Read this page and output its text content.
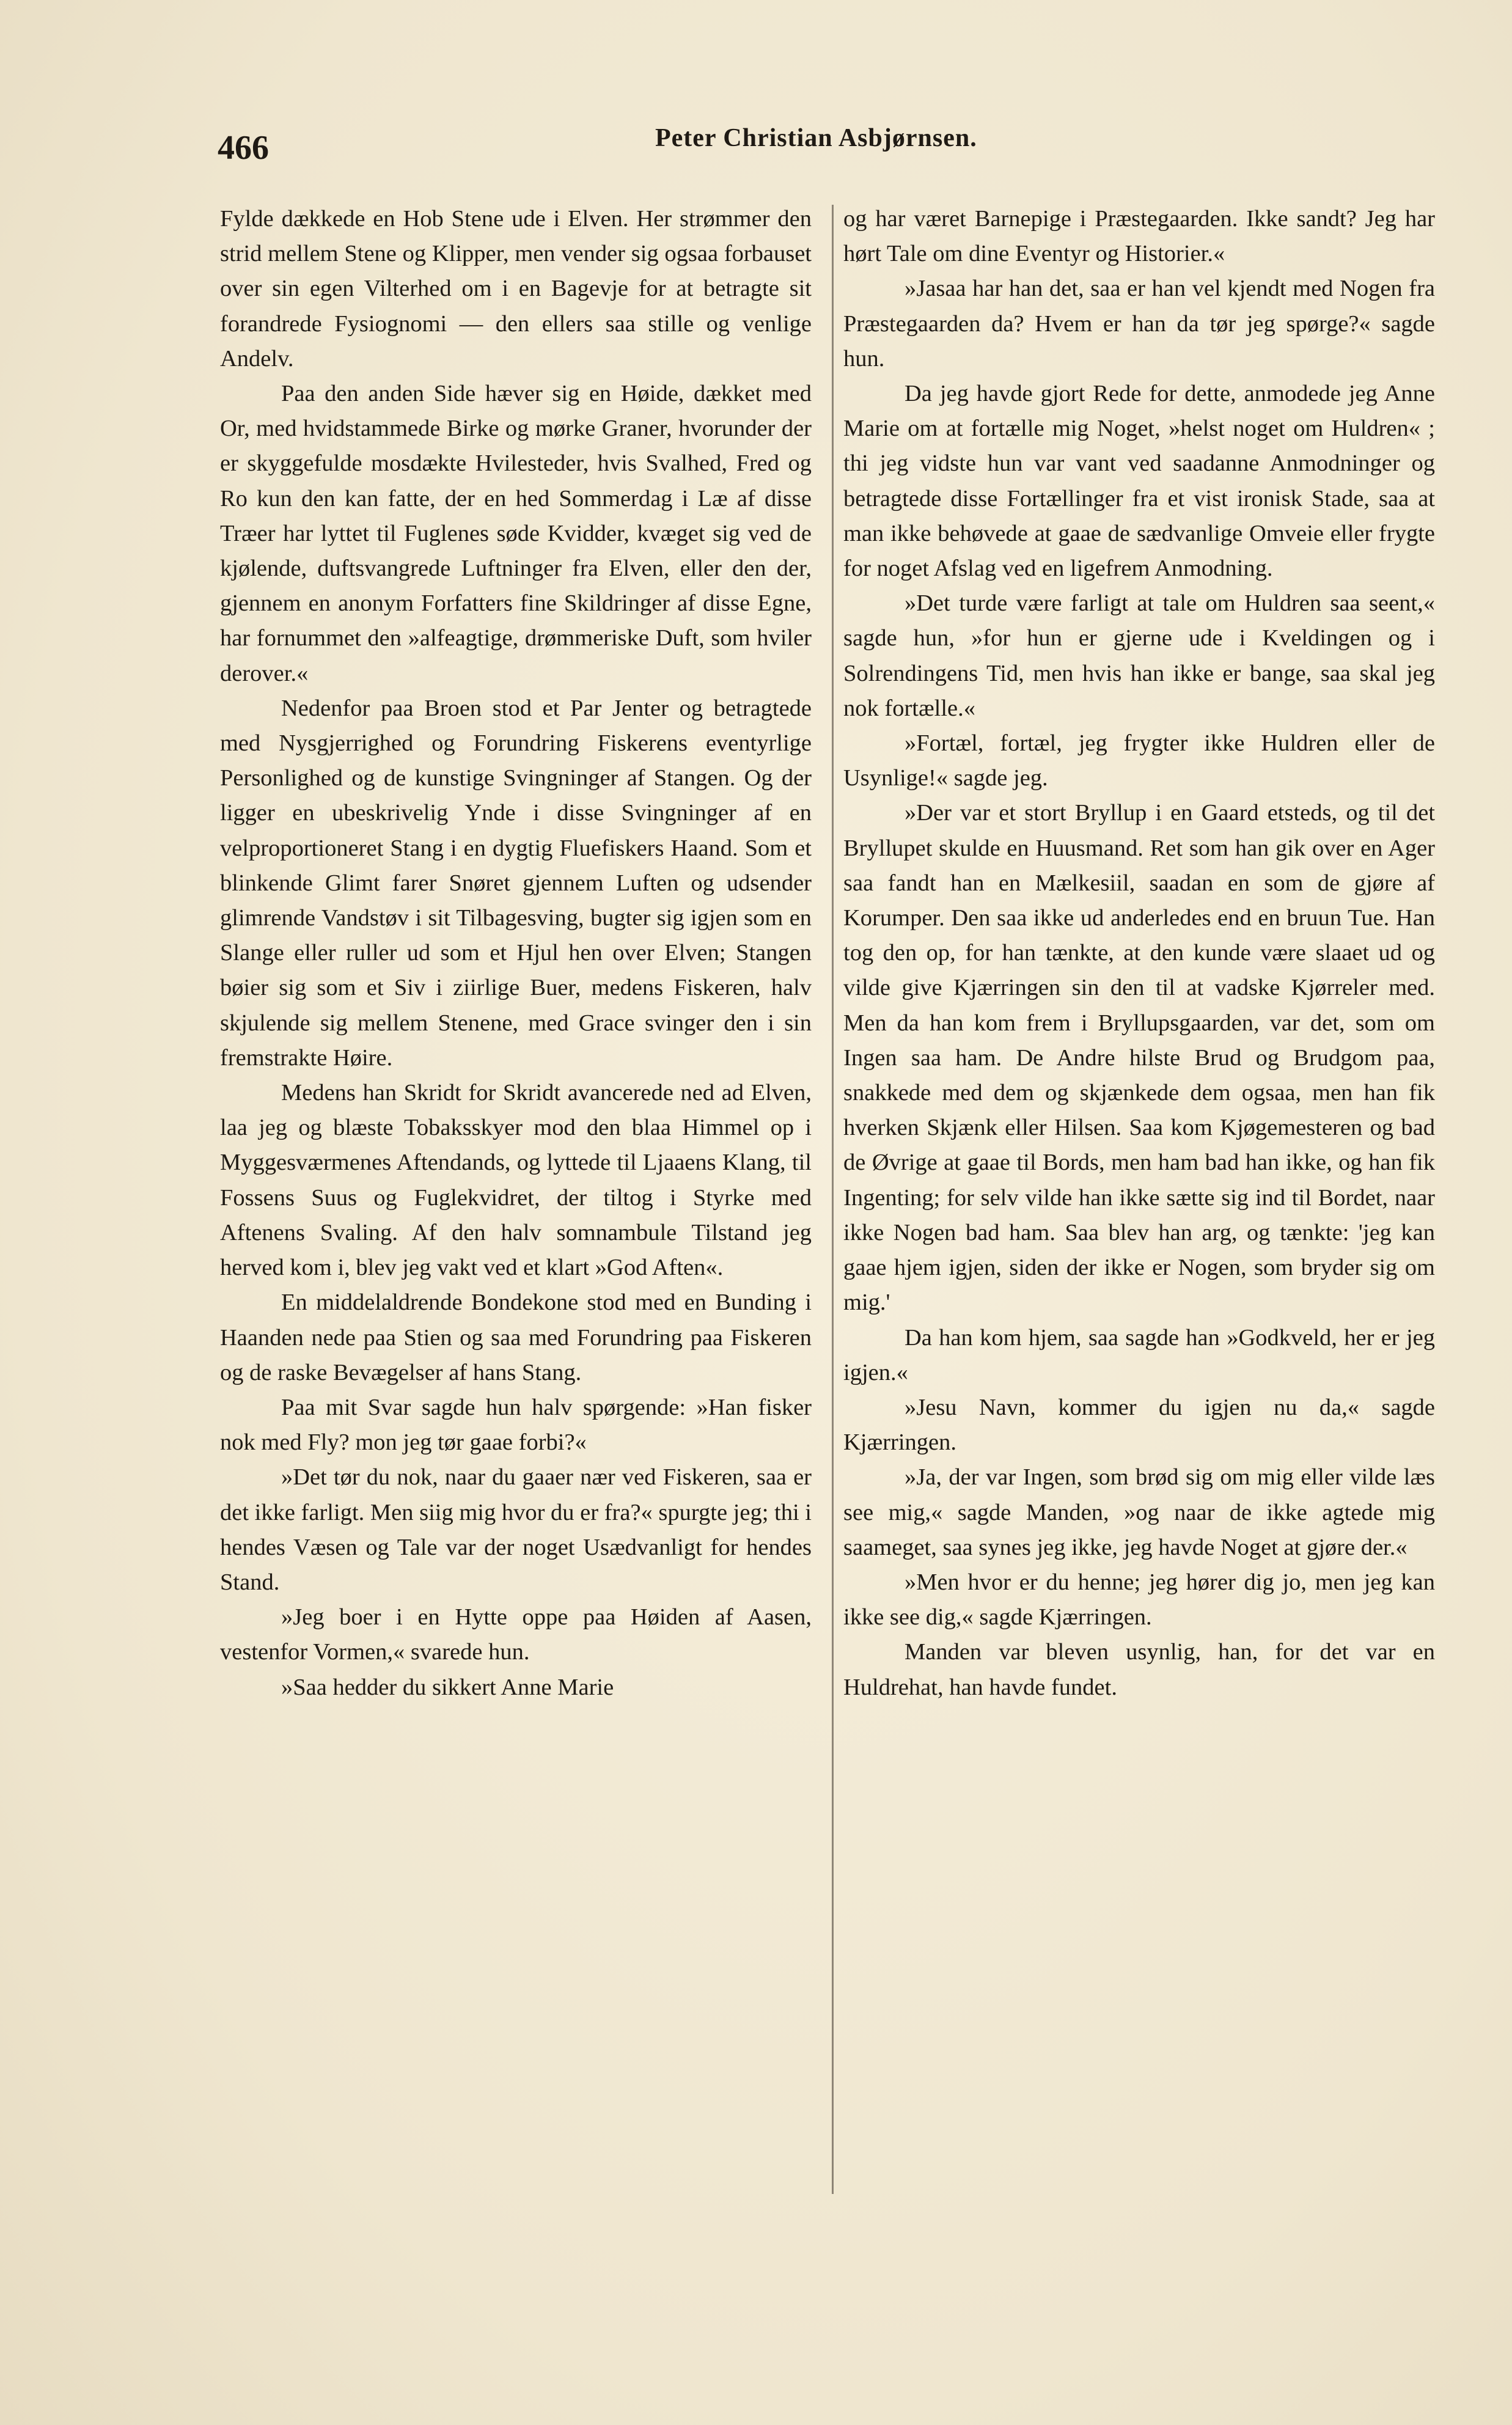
466	Peter Christian Asbjørnsen.

Fylde dækkede en Hob Stene ude i Elven. Her strømmer den strid mellem Stene og Klipper, men vender sig ogsaa forbauset over sin egen Vilterhed om i en Bagevje for at betragte sit forandrede Fysiognomi — den ellers saa stille og venlige Andelv.

Paa den anden Side hæver sig en Høide, dækket med Or, med hvidstammede Birke og mørke Graner, hvorunder der er skyggefulde mosdækte Hvilesteder, hvis Svalhed, Fred og Ro kun den kan fatte, der en hed Sommerdag i Læ af disse Træer har lyttet til Fuglenes søde Kvidder, kvæget sig ved de kjølende, duftsvangrede Luftninger fra Elven, eller den der, gjennem en anonym Forfatters fine Skildringer af disse Egne, har fornummet den »alfeagtige, drømmeriske Duft, som hviler derover.«

Nedenfor paa Broen stod et Par Jenter og betragtede med Nysgjerrighed og Forundring Fiskerens eventyrlige Personlighed og de kunstige Svingninger af Stangen. Og der ligger en ubeskrivelig Ynde i disse Svingninger af en velproportioneret Stang i en dygtig Fluefiskers Haand. Som et blinkende Glimt farer Snøret gjennem Luften og udsender glimrende Vandstøv i sit Tilbagesving, bugter sig igjen som en Slange eller ruller ud som et Hjul hen over Elven; Stangen bøier sig som et Siv i ziirlige Buer, medens Fiskeren, halv skjulende sig mellem Stenene, med Grace svinger den i sin fremstrakte Høire.

Medens han Skridt for Skridt avancerede ned ad Elven, laa jeg og blæste Tobaksskyer mod den blaa Himmel op i Myggesværmenes Aftendands, og lyttede til Ljaaens Klang, til Fossens Suus og Fuglekvidret, der tiltog i Styrke med Aftenens Svaling. Af den halv somnambule Tilstand jeg herved kom i, blev jeg vakt ved et klart »God Aften«.

En middelaldrende Bondekone stod med en Bunding i Haanden nede paa Stien og saa med Forundring paa Fiskeren og de raske Bevægelser af hans Stang.

Paa mit Svar sagde hun halv spørgende: »Han fisker nok med Fly? mon jeg tør gaae forbi?«

»Det tør du nok, naar du gaaer nær ved Fiskeren, saa er det ikke farligt. Men siig mig hvor du er fra?« spurgte jeg; thi i hendes Væsen og Tale var der noget Usædvanligt for hendes Stand.

»Jeg boer i en Hytte oppe paa Høiden af Aasen, vestenfor Vormen,« svarede hun.

»Saa hedder du sikkert Anne Marie

og har været Barnepige i Præstegaarden. Ikke sandt? Jeg har hørt Tale om dine Eventyr og Historier.«

»Jasaa har han det, saa er han vel kjendt med Nogen fra Præstegaarden da? Hvem er han da tør jeg spørge?« sagde hun.

Da jeg havde gjort Rede for dette, anmodede jeg Anne Marie om at fortælle mig Noget, »helst noget om Huldren« ; thi jeg vidste hun var vant ved saadanne Anmodninger og betragtede disse Fortællinger fra et vist ironisk Stade, saa at man ikke behøvede at gaae de sædvanlige Omveie eller frygte for noget Afslag ved en ligefrem Anmodning.

»Det turde være farligt at tale om Huldren saa seent,« sagde hun, »for hun er gjerne ude i Kveldingen og i Solrendingens Tid, men hvis han ikke er bange, saa skal jeg nok fortælle.«

»Fortæl, fortæl, jeg frygter ikke Huldren eller de Usynlige!« sagde jeg.

»Der var et stort Bryllup i en Gaard etsteds, og til det Bryllupet skulde en Huusmand. Ret som han gik over en Ager saa fandt han en Mælkesiil, saadan en som de gjøre af Korumper. Den saa ikke ud anderledes end en bruun Tue. Han tog den op, for han tænkte, at den kunde være slaaet ud og vilde give Kjærringen sin den til at vadske Kjørreler med. Men da han kom frem i Bryllupsgaarden, var det, som om Ingen saa ham. De Andre hilste Brud og Brudgom paa, snakkede med dem og skjænkede dem ogsaa, men han fik hverken Skjænk eller Hilsen. Saa kom Kjøgemesteren og bad de Øvrige at gaae til Bords, men ham bad han ikke, og han fik Ingenting; for selv vilde han ikke sætte sig ind til Bordet, naar ikke Nogen bad ham. Saa blev han arg, og tænkte: 'jeg kan gaae hjem igjen, siden der ikke er Nogen, som bryder sig om mig.'

Da han kom hjem, saa sagde han »Godkveld, her er jeg igjen.«

»Jesu Navn, kommer du igjen nu da,« sagde Kjærringen.

»Ja, der var Ingen, som brød sig om mig eller vilde læs see mig,« sagde Manden, »og naar de ikke agtede mig saameget, saa synes jeg ikke, jeg havde Noget at gjøre der.«

»Men hvor er du henne; jeg hører dig jo, men jeg kan ikke see dig,« sagde Kjærringen.

Manden var bleven usynlig, han, for det var en Huldrehat, han havde fundet.
